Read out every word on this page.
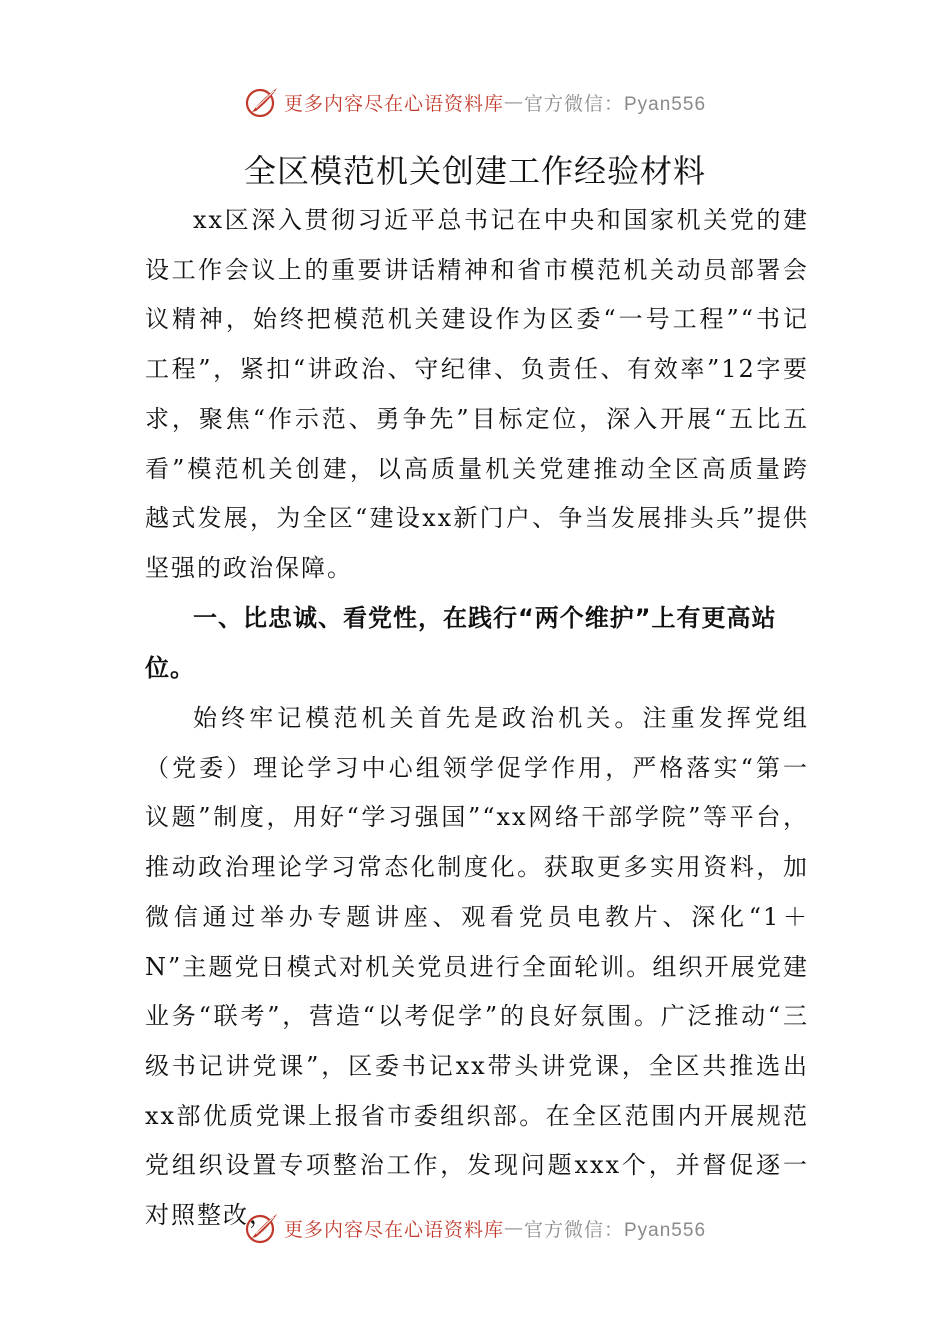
更多内容尽在心语资料库 — 官方微信：Pyan556
全区模范机关创建工作经验材料

xx区深入贯彻习近平总书记在中央和国家机关党的建设工作会议上的重要讲话精神和省市模范机关动员部署会议精神，始终把模范机关建设作为区委“一号工程”“书记工程”，紧扣“讲政治、守纪律、负责任、有效率”12字要求，聚焦“作示范、勇争先”目标定位，深入开展“五比五看”模范机关创建，以高质量机关党建推动全区高质量跨越式发展，为全区“建设xx新门户、争当发展排头兵”提供坚强的政治保障。

一、比忠诚、看党性，在践行“两个维护”上有更高站位。

始终牢记模范机关首先是政治机关。注重发挥党组（党委）理论学习中心组领学促学作用，严格落实“第一议题”制度，用好“学习强国”“xx网络干部学院”等平台，推动政治理论学习常态化制度化。获取更多实用资料，加微信通过举办专题讲座、观看党员电教片、深化“1＋N”主题党日模式对机关党员进行全面轮训。组织开展党建业务“联考”，营造“以考促学”的良好氛围。广泛推动“三级书记讲党课”，区委书记xx带头讲党课，全区共推选出xx部优质党课上报省市委组织部。在全区范围内开展规范党组织设置专项整治工作，发现问题xxx个，并督促逐一对照整改，

更多内容尽在心语资料库 — 官方微信：Pyan556
